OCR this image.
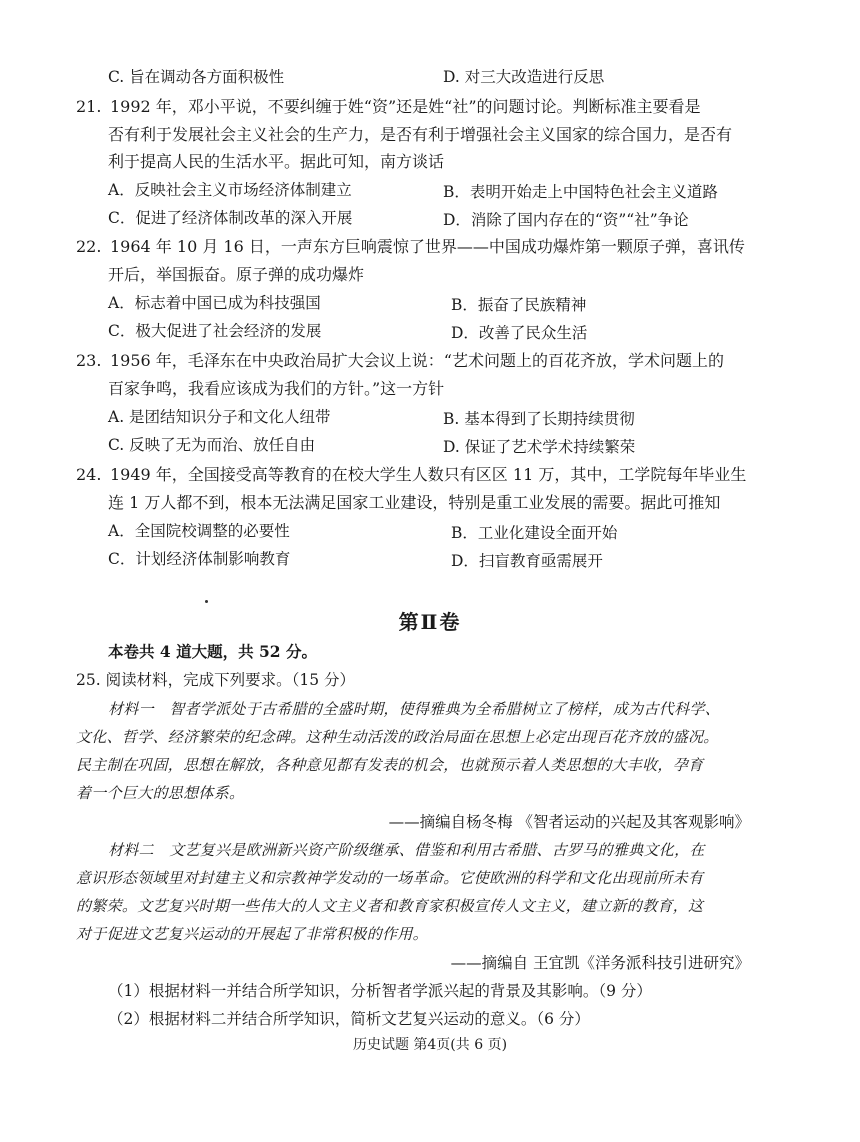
C. 旨在调动各方面积极性	D. 对三大改造进行反思
21. 1992 年，邓小平说，不要纠缠于姓“资”还是姓“社”的问题讨论。判断标准主要看是
否有利于发展社会主义社会的生产力，是否有利于增强社会主义国家的综合国力，是否有
利于提高人民的生活水平。据此可知，南方谈话
A．反映社会主义市场经济体制建立	B．表明开始走上中国特色社会主义道路
C．促进了经济体制改革的深入开展	D．消除了国内存在的“资”“社”争论
22. 1964 年 10 月 16 日，一声东方巨响震惊了世界——中国成功爆炸第一颗原子弹，喜讯传
开后，举国振奋。原子弹的成功爆炸
A．标志着中国已成为科技强国	B．振奋了民族精神
C．极大促进了社会经济的发展	D．改善了民众生活
23. 1956 年，毛泽东在中央政治局扩大会议上说：“艺术问题上的百花齐放，学术问题上的
百家争鸣，我看应该成为我们的方针。”这一方针
A. 是团结知识分子和文化人纽带	B. 基本得到了长期持续贯彻
C. 反映了无为而治、放任自由	D. 保证了艺术学术持续繁荣
24. 1949 年，全国接受高等教育的在校大学生人数只有区区 11 万，其中，工学院每年毕业生
连 1 万人都不到，根本无法满足国家工业建设，特别是重工业发展的需要。据此可推知
A．全国院校调整的必要性	B．工业化建设全面开始
C．计划经济体制影响教育	D．扫盲教育亟需展开
第Ⅱ卷
本卷共 4 道大题，共 52 分。
25. 阅读材料，完成下列要求。（15 分）
材料一　智者学派处于古希腊的全盛时期，使得雅典为全希腊树立了榜样，成为古代科学、
文化、哲学、经济繁荣的纪念碑。这种生动活泼的政治局面在思想上必定出现百花齐放的盛况。
民主制在巩固，思想在解放，各种意见都有发表的机会，也就预示着人类思想的大丰收，孕育
着一个巨大的思想体系。
——摘编自杨冬梅 《智者运动的兴起及其客观影响》
材料二　文艺复兴是欧洲新兴资产阶级继承、借鉴和利用古希腊、古罗马的雅典文化，在
意识形态领域里对封建主义和宗教神学发动的一场革命。它使欧洲的科学和文化出现前所未有
的繁荣。文艺复兴时期一些伟大的人文主义者和教育家积极宣传人文主义，建立新的教育，这
对于促进文艺复兴运动的开展起了非常积极的作用。
——摘编自 王宜凯《洋务派科技引进研究》
（1）根据材料一并结合所学知识，分析智者学派兴起的背景及其影响。（9 分）
（2）根据材料二并结合所学知识，简析文艺复兴运动的意义。（6 分）
历史试题 第4页(共 6 页)
